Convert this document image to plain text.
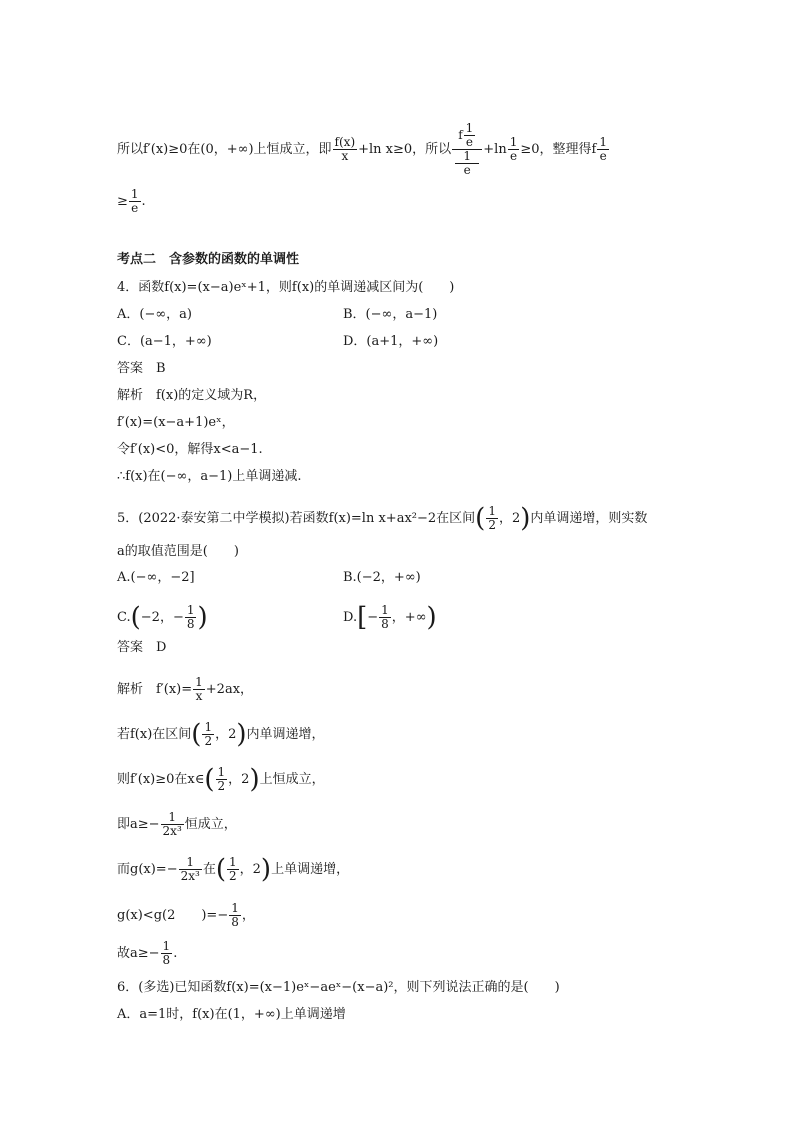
所以f′(x)≥0在(0，+∞)上恒成立，即 $\frac{f(x)}{x} +\ln$ x≥0，所以 f $\frac{1}{e}$
1
$e +\ln \frac{1}{e} \ge 0$，整理得f $\frac{1}{e}$
≥ $\frac{1}{e}$ .
考点二　含参数的函数的单调性
4．函数f(x)=(x−a)eˣ+1，则f(x)的单调递减区间为(　　)
A．(−∞，a)	B．(−∞，a−1)
C．(a−1，+∞)	D．(a+1，+∞)
答案　B
解析　f(x)的定义域为R，
f′(x)=(x−a+1)eˣ，
令f′(x)<0，解得x<a−1.
∴f(x)在(−∞，a−1)上单调递减.
5．(2022·泰安第二中学模拟)若函数f(x)=ln x+ax²−2在区间( $\frac{1}{2}$ ，2)内单调递增，则实数
a的取值范围是(　　)
A.(−∞，−2]	B.(−2，+∞)
C.(−2，− $\frac{1}{8}$ )	$D.[- \frac{1}{8}$ ，+∞)
答案　D
解析　$f'(x)= \frac{1}{x} +2ax$，
若f(x)在区间( $\frac{1}{2}$ ，2)内单调递增，
则f′(x)≥0在x∈( $\frac{1}{2}$ ，2)上恒成立，
即$a\ge- \frac{1}{\text{2x³}}$ 恒成立，
而$g(x)=- \frac{1}{\text{2x³}}$ 在( $\frac{1}{2}$ ，2)上单调递增，
g(x)<g(2　　)=− $\frac{1}{8}$ ，
故$a\ge- \frac{1}{8}$ .
6．(多选)已知函数f(x)=(x−1)eˣ−aeˣ−(x−a)²，则下列说法正确的是(　　)
A．a=1时，f(x)在(1，+∞)上单调递增
